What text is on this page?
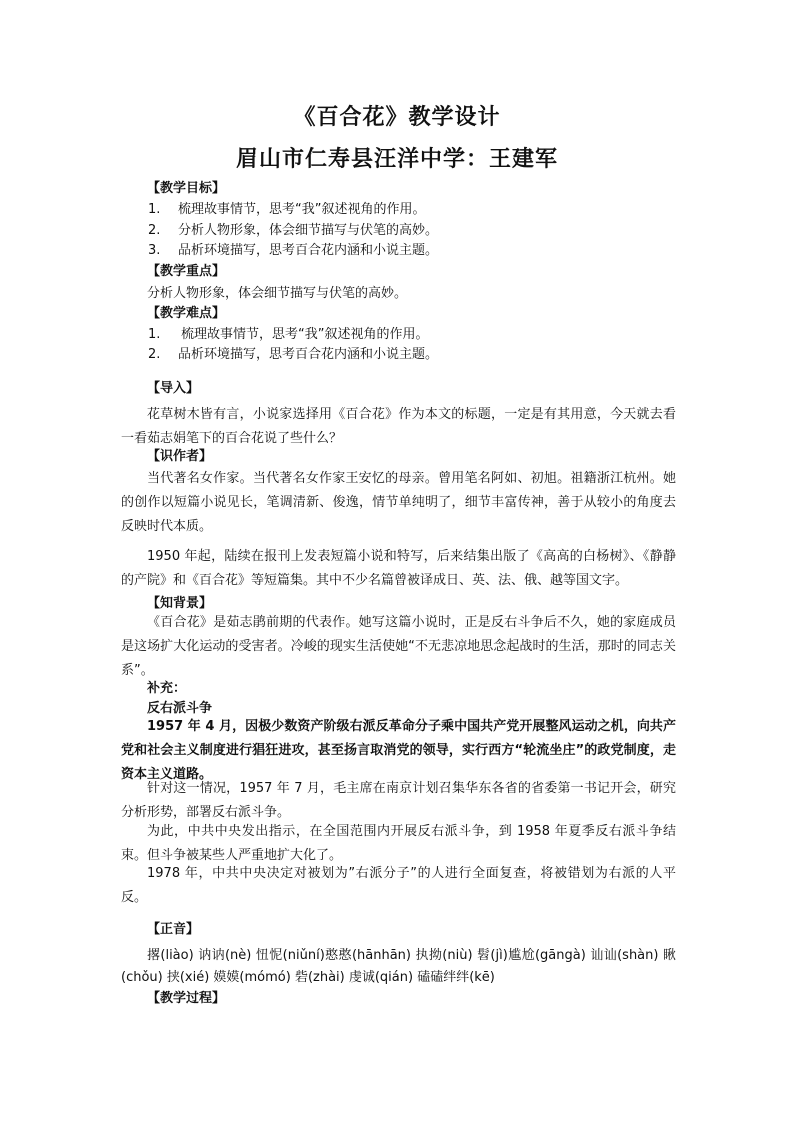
《百合花》教学设计
眉山市仁寿县汪洋中学：王建军
【教学目标】
1. 梳理故事情节，思考“我”叙述视角的作用。
2. 分析人物形象，体会细节描写与伏笔的高妙。
3. 品析环境描写，思考百合花内涵和小说主题。
【教学重点】
分析人物形象，体会细节描写与伏笔的高妙。
【教学难点】
1. 梳理故事情节，思考“我”叙述视角的作用。
2. 品析环境描写，思考百合花内涵和小说主题。
【导入】
花草树木皆有言，小说家选择用《百合花》作为本文的标题，一定是有其用意，今天就去看一看茹志娟笔下的百合花说了些什么？
【识作者】
当代著名女作家。当代著名女作家王安忆的母亲。曾用笔名阿如、初旭。祖籍浙江杭州。她的创作以短篇小说见长，笔调清新、俊逸，情节单纯明了，细节丰富传神，善于从较小的角度去反映时代本质。
1950 年起，陆续在报刊上发表短篇小说和特写，后来结集出版了《高高的白杨树》、《静静的产院》和《百合花》等短篇集。其中不少名篇曾被译成日、英、法、俄、越等国文字。
【知背景】
《百合花》是茹志鹃前期的代表作。她写这篇小说时，正是反右斗争后不久，她的家庭成员是这场扩大化运动的受害者。冷峻的现实生活使她“不无悲凉地思念起战时的生活，那时的同志关系”。
补充：
反右派斗争
1957 年 4 月，因极少数资产阶级右派反革命分子乘中国共产党开展整风运动之机，向共产党和社会主义制度进行猖狂进攻，甚至扬言取消党的领导，实行西方“轮流坐庄”的政党制度，走资本主义道路。
针对这一情况，1957 年 7 月，毛主席在南京计划召集华东各省的省委第一书记开会，研究分析形势，部署反右派斗争。
为此，中共中央发出指示，在全国范围内开展反右派斗争，到 1958 年夏季反右派斗争结束。但斗争被某些人严重地扩大化了。
1978 年，中共中央决定对被划为”右派分子”的人进行全面复查，将被错划为右派的人平反。
【正音】
撂(liào) 讷讷(nè) 忸怩(niǔní)憨憨(hānhān) 执拗(niù) 髫(jì)尴尬(gāngà) 讪讪(shàn) 瞅(chǒu) 挟(xié) 嫫嫫(mómó) 砦(zhài) 虔诚(qián) 磕磕绊绊(kē)
【教学过程】
